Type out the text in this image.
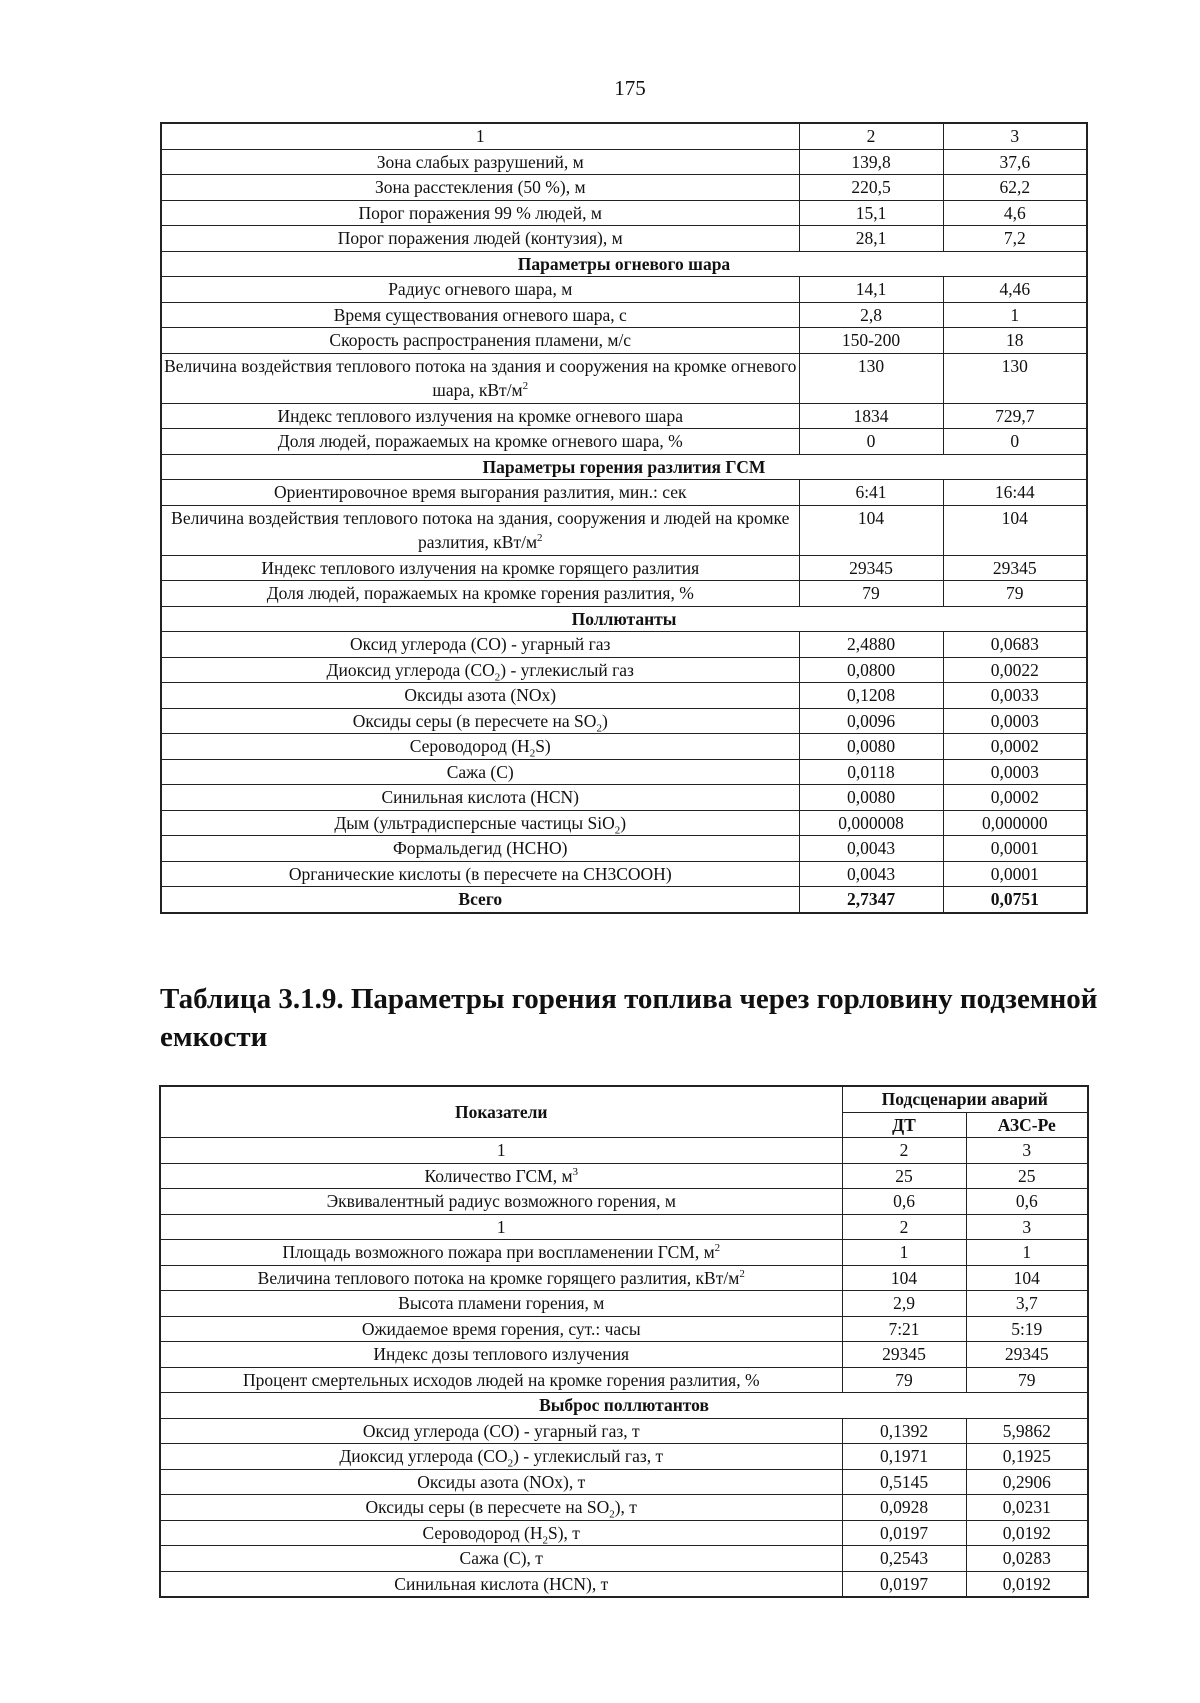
175
1	2	3
Зона слабых разрушений, м	139,8	37,6
Зона расстекления (50 %), м	220,5	62,2
Порог поражения 99 % людей, м	15,1	4,6
Порог поражения людей (контузия), м	28,1	7,2
Параметры огневого шара		
Радиус огневого шара, м	14,1	4,46
Время существования огневого шара, с	2,8	1
Скорость распространения пламени, м/с	150-200	18
Величина воздействия теплового потока на здания и сооружения на кромке огневого шара, кВт/$м^2$	130	130
Индекс теплового излучения на кромке огневого шара	1834	729,7
Доля людей, поражаемых на кромке огневого шара, %	0	0
Параметры горения разлития ГСМ		
Ориентировочное время выгорания разлития, мин.: сек	6:41	16:44
Величина воздействия теплового потока на здания, сооружения и людей на кромке разлития, кВт/$м^2$	104	104
Индекс теплового излучения на кромке горящего разлития	29345	29345
Доля людей, поражаемых на кромке горения разлития, %	79	79
Поллютанты		
Оксид углерода (СО) - угарный газ	2,4880	0,0683
Диоксид углерода $(СО_2)$ - углекислый газ	0,0800	0,0022
Оксиды азота (NOx)	0,1208	0,0033
Оксиды серы (в пересчете на $SO_2$)	0,0096	0,0003
Сероводород $(H_2S)$	0,0080	0,0002
Сажа (С)	0,0118	0,0003
Синильная кислота (HCN)	0,0080	0,0002
Дым (ультрадисперсные частицы SiO$_2$)	0,000008	0,000000
Формальдегид (НСНО)	0,0043	0,0001
Органические кислоты (в пересчете на СН3СООН)	0,0043	0,0001
Всего	2,7347	0,0751
Таблица 3.1.9. Параметры горения топлива через горловину подземной емкости
Показатели	Подсценарии аварий	
	ДТ	АЗС-Ре
1	2	3
Количество ГСМ, $м^3$	25	25
Эквивалентный радиус возможного горения, м	0,6	0,6
1	2	3
Площадь возможного пожара при воспламенении ГСМ, $м^2$	1	1
Величина теплового потока на кромке горящего разлития, кВт/$м^2$	104	104
Высота пламени горения, м	2,9	3,7
Ожидаемое время горения, сут.: часы	7:21	5:19
Индекс дозы теплового излучения	29345	29345
Процент смертельных исходов людей на кромке горения разлития, %	79	79
Выброс поллютантов		
Оксид углерода (СО) - угарный газ, т	0,1392	5,9862
Диоксид углерода $(СО_2)$ - углекислый газ, т	0,1971	0,1925
Оксиды азота (NOx), т	0,5145	0,2906
Оксиды серы (в пересчете на $SO_2$), т	0,0928	0,0231
Сероводород $(H_2S)$, т	0,0197	0,0192
Сажа (С), т	0,2543	0,0283
Синильная кислота (HCN), т	0,0197	0,0192
